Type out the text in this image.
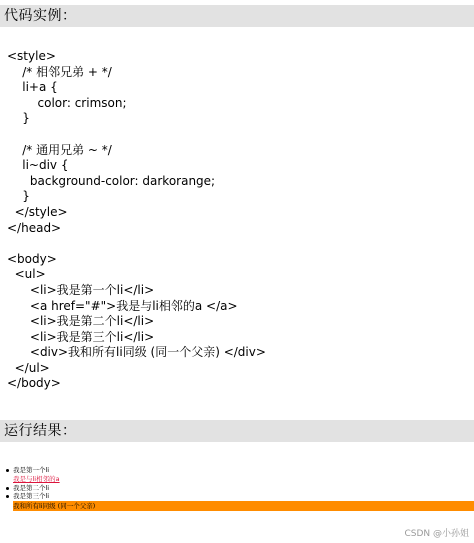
代码实例：
<style>
/* 相邻兄弟 + */
li+a {
color: crimson;
}
/* 通用兄弟 ~ */
li~div {
background-color: darkorange;
}
</style>
</head>
<body>
<ul>
<li>我是第一个li</li>
<a href="#">我是与li相邻的a </a>
<li>我是第二个li</li>
<li>我是第三个li</li>
<div>我和所有li同级 (同一个父亲) </div>
</ul>
</body>
运行结果：
我是第一个li
我是与li相邻的a
我是第二个li
我是第三个li
我和所有li同级 (同一个父亲)
CSDN @小孙姐
